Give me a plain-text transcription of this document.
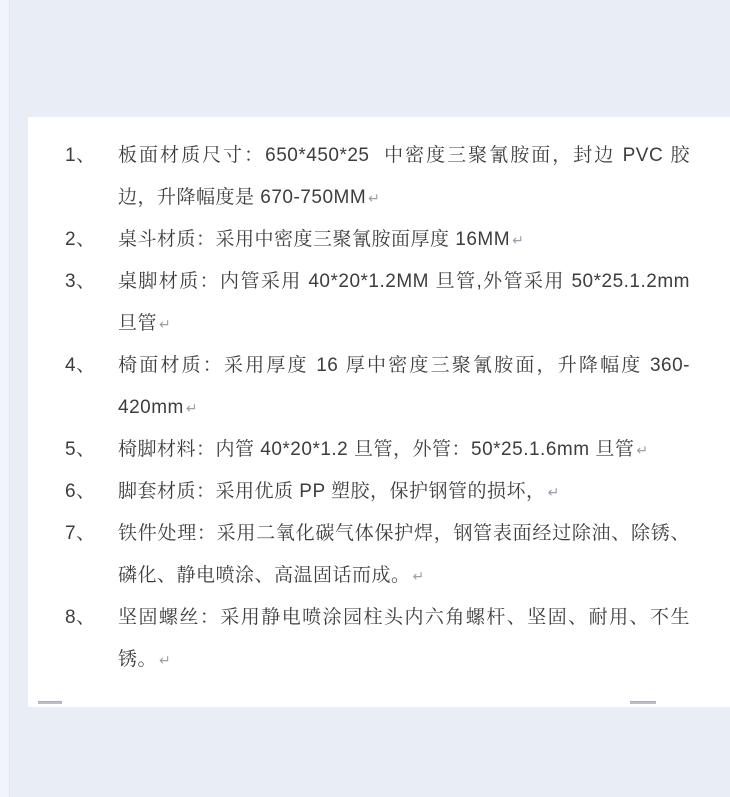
1、	板面材质尺寸：650*450*25  中密度三聚氰胺面，封边 PVC 胶边，升降幅度是 670-750MM ↵
2、	桌斗材质：采用中密度三聚氰胺面厚度 16MM ↵
3、	桌脚材质：内管采用 40*20*1.2MM 旦管,外管采用 50*25.1.2mm 旦管 ↵
4、	椅面材质：采用厚度 16 厚中密度三聚氰胺面，升降幅度 360-420mm ↵
5、	椅脚材料：内管 40*20*1.2 旦管，外管：50*25.1.6mm 旦管 ↵
6、	脚套材质：采用优质 PP 塑胶，保护钢管的损坏， ↵
7、	铁件处理：采用二氧化碳气体保护焊，钢管表面经过除油、除锈、磷化、静电喷涂、高温固话而成。 ↵
8、	坚固螺丝：采用静电喷涂园柱头内六角螺杆、坚固、耐用、不生锈。 ↵
